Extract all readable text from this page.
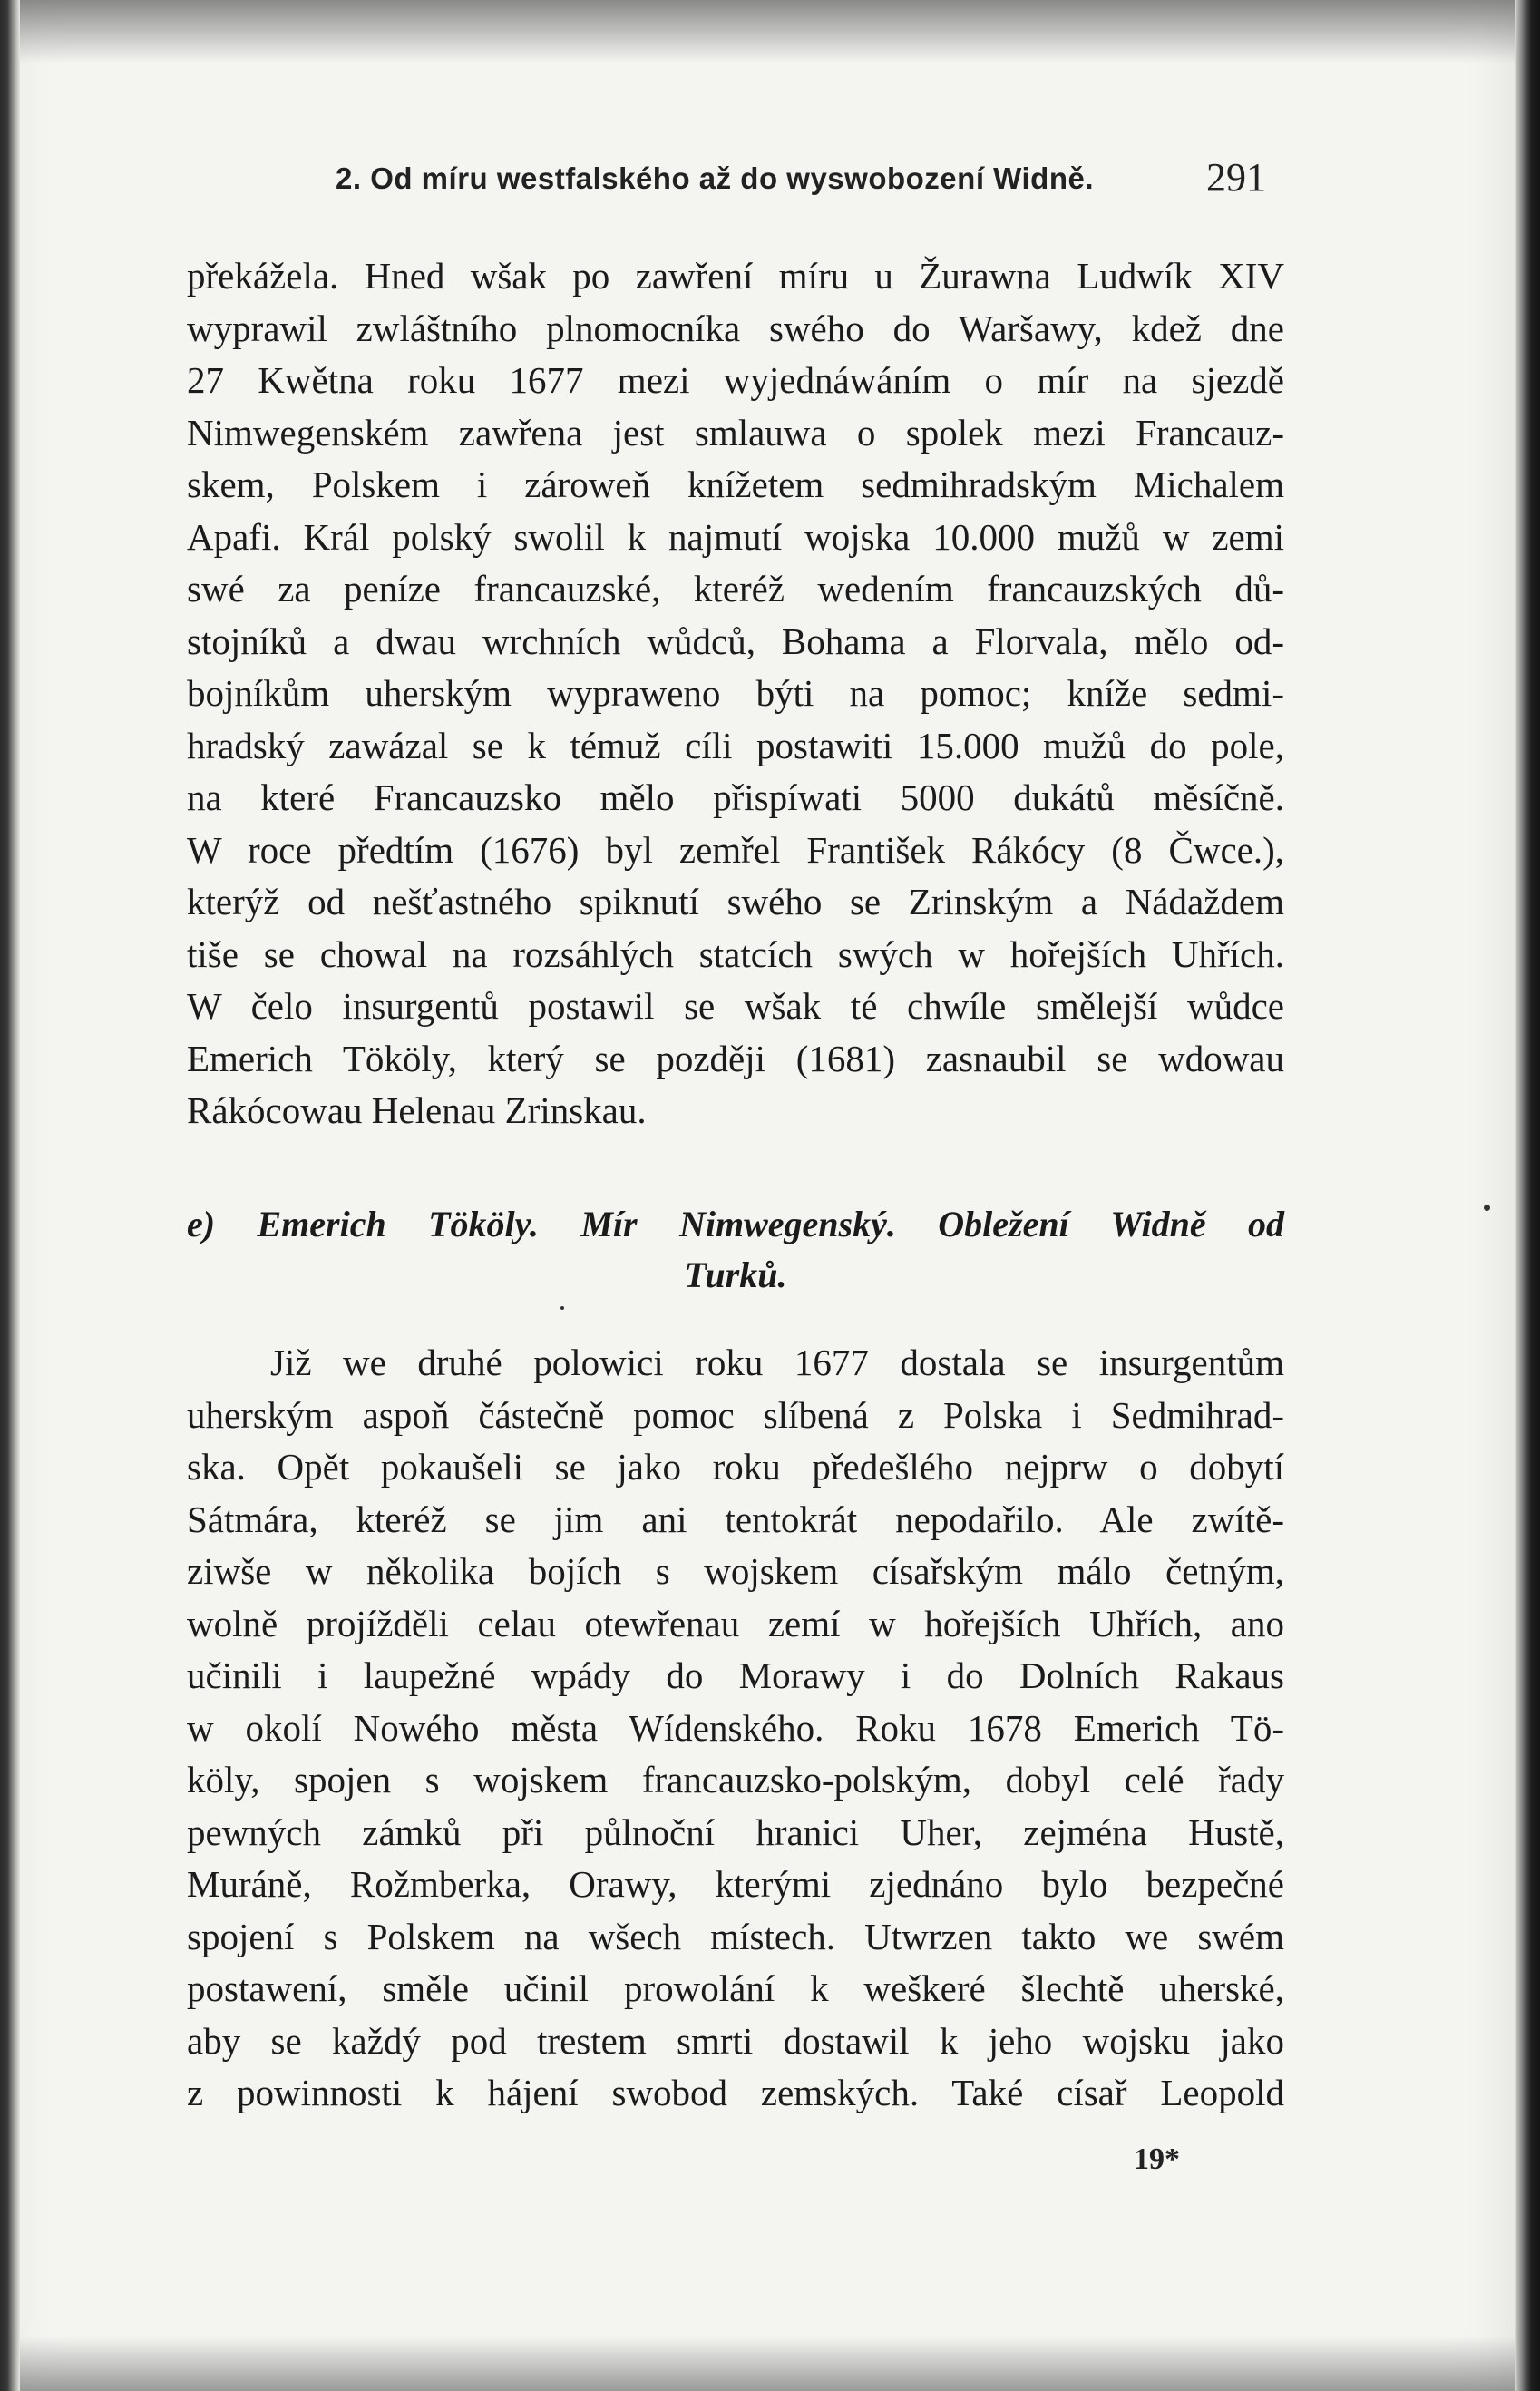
2. Od míru westfalského až do wyswobození Widně.	291
překážela. Hned wšak po zawření míru u Žurawna Ludwík XIV
wyprawil zwláštního plnomocníka swého do Waršawy, kdež dne
27 Kwětna roku 1677 mezi wyjednáwáním o mír na sjezdě
Nimwegenském zawřena jest smlauwa o spolek mezi Francauz-
skem, Polskem i zároweň knížetem sedmihradským Michalem
Apafi. Král polský swolil k najmutí wojska 10.000 mužů w zemi
swé za peníze francauzské, kteréž wedením francauzských dů-
stojníků a dwau wrchních wůdců, Bohama a Florvala, mělo od-
bojníkům uherským wypraweno býti na pomoc; kníže sedmi-
hradský zawázal se k témuž cíli postawiti 15.000 mužů do pole,
na které Francauzsko mělo přispíwati 5000 dukátů měsíčně.
W roce předtím (1676) byl zemřel František Rákócy (8 Čwce.),
kterýž od nešťastného spiknutí swého se Zrinským a Nádaždem
tiše se chowal na rozsáhlých statcích swých w hořejších Uhřích.
W čelo insurgentů postawil se wšak té chwíle smělejší wůdce
Emerich Tököly, který se později (1681) zasnaubil se wdowau
Rákócowau Helenau Zrinskau.
e) Emerich Tököly. Mír Nimwegenský. Obležení Widně od
Turků.
Již we druhé polowici roku 1677 dostala se insurgentům
uherským aspoň částečně pomoc slíbená z Polska i Sedmihrad-
ska. Opět pokaušeli se jako roku předešlého nejprw o dobytí
Sátmára, kteréž se jim ani tentokrát nepodařilo. Ale zwítě-
ziwše w několika bojích s wojskem císařským málo četným,
wolně projížděli celau otewřenau zemí w hořejších Uhřích, ano
učinili i laupežné wpády do Morawy i do Dolních Rakaus
w okolí Nowého města Wídenského. Roku 1678 Emerich Tö-
köly, spojen s wojskem francauzsko-polským, dobyl celé řady
pewných zámků při půlnoční hranici Uher, zejména Hustě,
Muráně, Rožmberka, Orawy, kterými zjednáno bylo bezpečné
spojení s Polskem na wšech místech. Utwrzen takto we swém
postawení, směle učinil prowolání k weškeré šlechtě uherské,
aby se každý pod trestem smrti dostawil k jeho wojsku jako
z powinnosti k hájení swobod zemských. Také císař Leopold
19*
